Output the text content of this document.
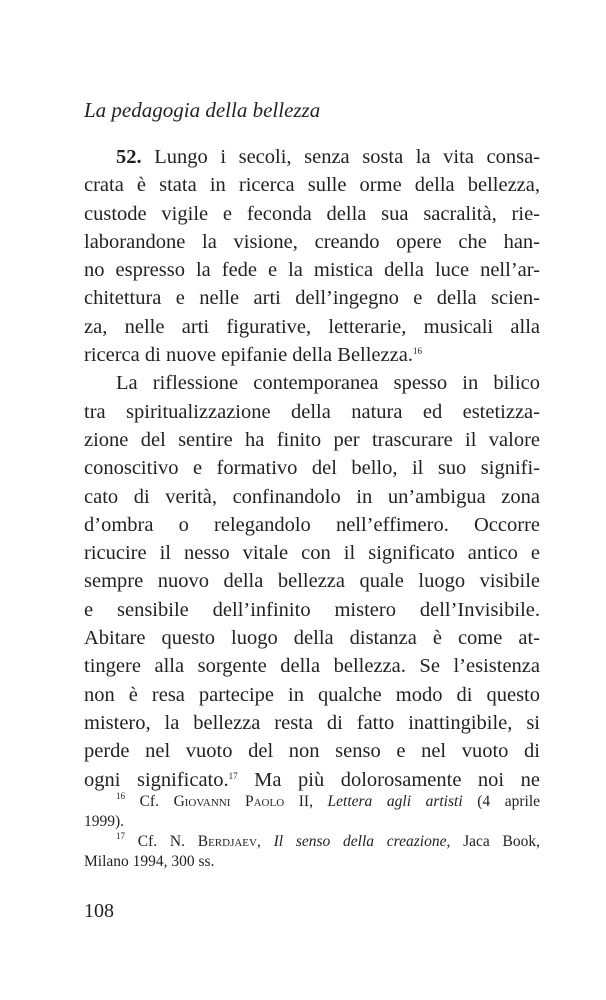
La pedagogia della bellezza
52. Lungo i secoli, senza sosta la vita consa-
crata è stata in ricerca sulle orme della bellezza,
custode vigile e feconda della sua sacralità, rie-
laborandone la visione, creando opere che han-
no espresso la fede e la mistica della luce nell’ar-
chitettura e nelle arti dell’ingegno e della scien-
za, nelle arti figurative, letterarie, musicali alla
ricerca di nuove epifanie della Bellezza.$^{16}$
La riflessione contemporanea spesso in bilico
tra spiritualizzazione della natura ed estetizza-
zione del sentire ha finito per trascurare il valore
conoscitivo e formativo del bello, il suo signifi-
cato di verità, confinandolo in un’ambigua zona
d’ombra o relegandolo nell’effimero. Occorre
ricucire il nesso vitale con il significato antico e
sempre nuovo della bellezza quale luogo visibile
e sensibile dell’infinito mistero dell’Invisibile.
Abitare questo luogo della distanza è come at-
tingere alla sorgente della bellezza. Se l’esistenza
non è resa partecipe in qualche modo di questo
mistero, la bellezza resta di fatto inattingibile, si
perde nel vuoto del non senso e nel vuoto di
ogni significato.$^{17}$ Ma più dolorosamente noi ne
$^{16}$ Cf. Giovanni Paolo II, Lettera agli artisti (4 aprile
1999).
$^{17}$ Cf. N. Berdjaev, Il senso della creazione, Jaca Book,
Milano 1994, 300 ss.
108
